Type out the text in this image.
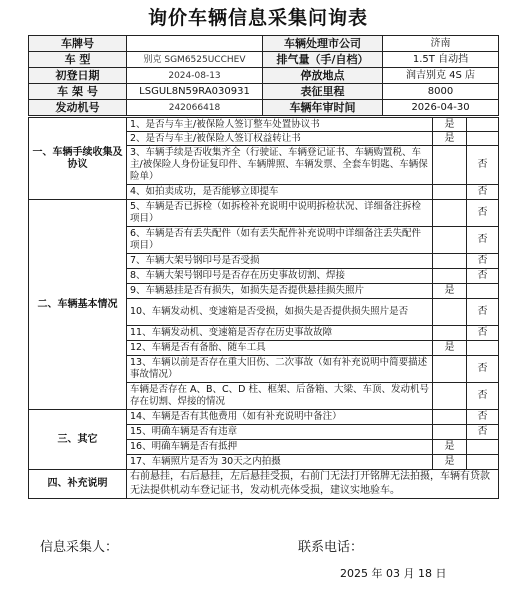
询价车辆信息采集问询表
车牌号		车辆处理市公司	济南
车 型	别克 SGM6525UCCHEV	排气量（手/自档）	1.5T 自动挡
初登日期	2024-08-13	停放地点	润吉别克 4S 店
车 架 号	LSGUL8N59RA030931	表征里程	8000
发动机号	242066418	车辆年审时间	2026-04-30
一、车辆手续收集及协议	1、是否与车主/被保险人签订整车处置协议书	是	
	2、是否与车主/被保险人签订权益转让书	是	
	3、车辆手续是否收集齐全（行驶证、车辆登记证书、车辆购置税、车主/被保险人身份证复印件、车辆牌照、车辆发票、全套车钥匙、车辆保险单）		否
	4、如拍卖成功，是否能够立即提车		否
二、车辆基本情况	5、车辆是否已拆检（如拆检补充说明中说明拆检状况、详细备注拆检项目）		否
	6、车辆是否有丢失配件（如有丢失配件补充说明中详细备注丢失配件项目）		否
	7、车辆大架号钢印号是否受损		否
	8、车辆大架号钢印号是否存在历史事故切割、焊接		否
	9、车辆悬挂是否有损失，如损失是否提供悬挂损失照片	是	
	10、车辆发动机、变速箱是否受损，如损失是否提供损失照片是否		否
	11、车辆发动机、变速箱是否存在历史事故故障		否
	12、车辆是否有备胎、随车工具	是	
	13、车辆以前是否存在重大旧伤、二次事故（如有补充说明中简要描述事故情况）		否
	车辆是否存在 A、B、C、D 柱、框架、后备箱、大梁、车顶、发动机号存在切割、焊接的情况		否
三、其它	14、车辆是否有其他费用（如有补充说明中备注）		否
	15、明确车辆是否有违章		否
	16、明确车辆是否有抵押	是	
	17、车辆照片是否为 30天之内拍摄	是	
四、补充说明	右前悬挂，右后悬挂，左后悬挂受损，右前门无法打开铭牌无法拍摄，车辆有贷款 无法提供机动车登记证书，发动机壳体受损，建议实地验车。		
信息采集人：	联系电话：
2025 年 03 月 18 日
